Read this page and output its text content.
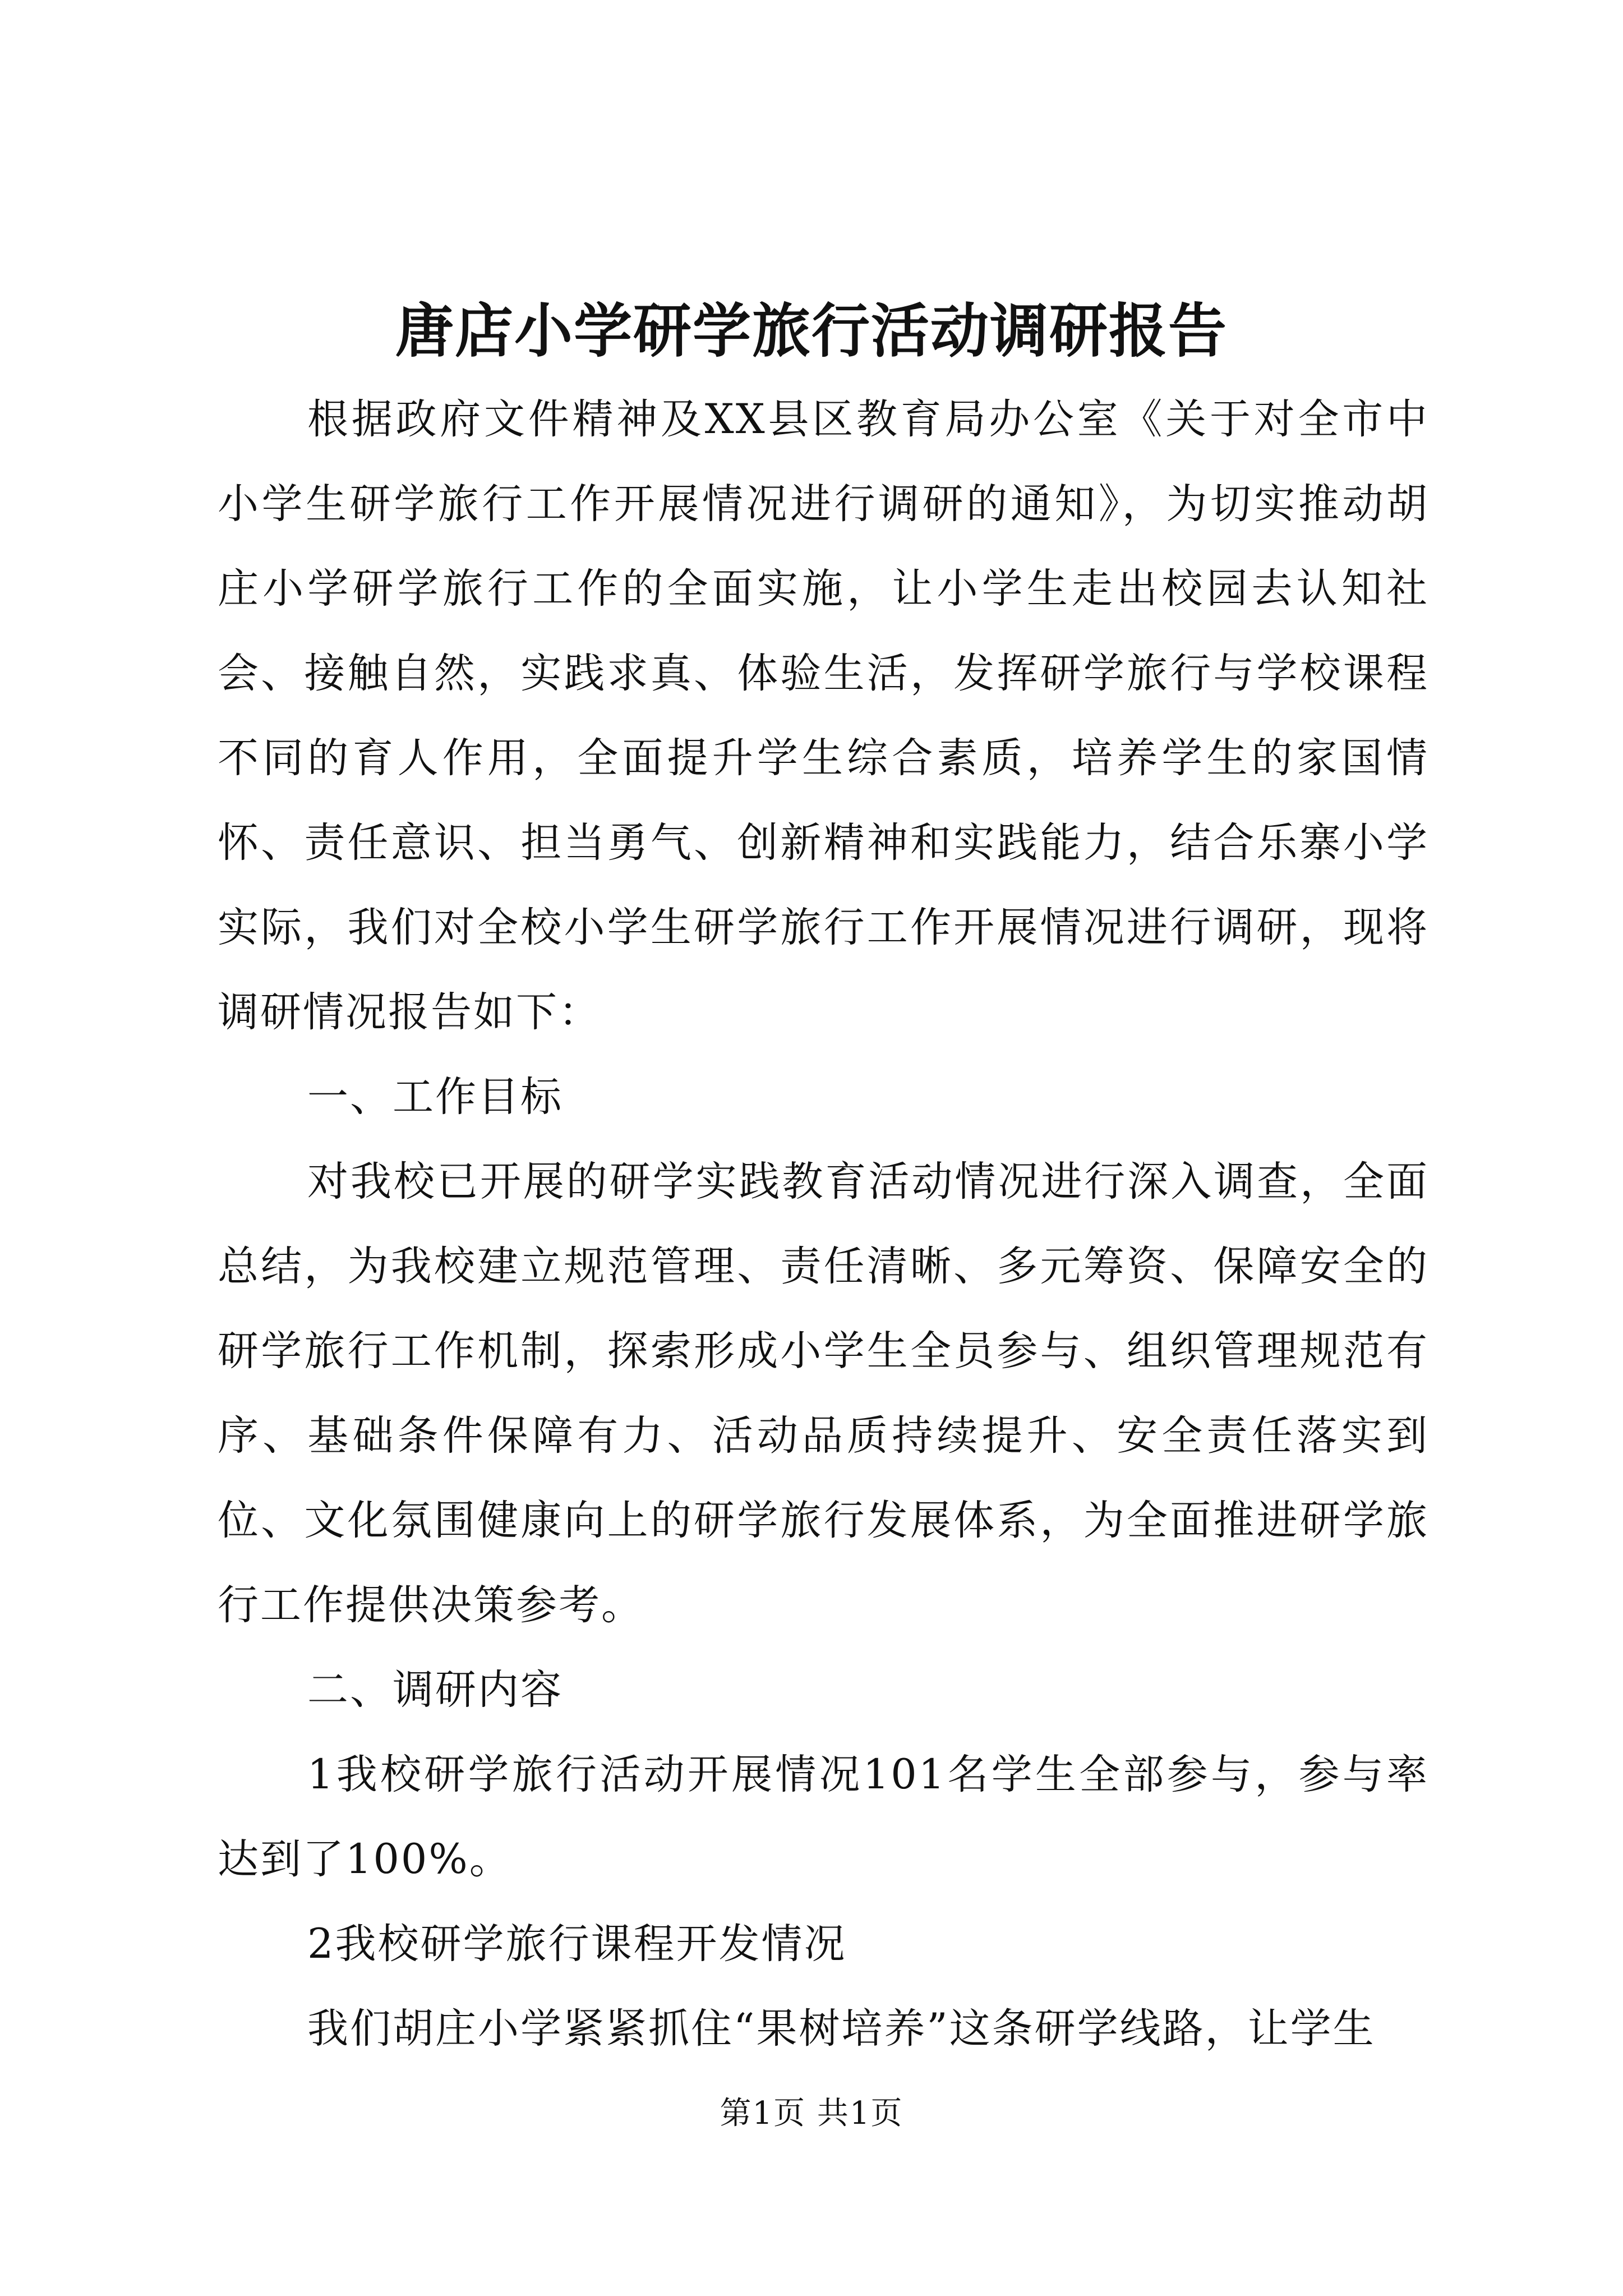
唐店小学研学旅行活动调研报告

根据政府文件精神及XX县区教育局办公室《关于对全市中小学生研学旅行工作开展情况进行调研的通知》，为切实推动胡庄小学研学旅行工作的全面实施，让小学生走出校园去认知社会、接触自然，实践求真、体验生活，发挥研学旅行与学校课程不同的育人作用，全面提升学生综合素质，培养学生的家国情怀、责任意识、担当勇气、创新精神和实践能力，结合乐寨小学实际，我们对全校小学生研学旅行工作开展情况进行调研，现将调研情况报告如下：

一、工作目标

对我校已开展的研学实践教育活动情况进行深入调查，全面总结，为我校建立规范管理、责任清晰、多元筹资、保障安全的研学旅行工作机制，探索形成小学生全员参与、组织管理规范有序、基础条件保障有力、活动品质持续提升、安全责任落实到位、文化氛围健康向上的研学旅行发展体系，为全面推进研学旅行工作提供决策参考。

二、调研内容

1我校研学旅行活动开展情况101名学生全部参与，参与率达到了100%。

2我校研学旅行课程开发情况

我们胡庄小学紧紧抓住“果树培养”这条研学线路，让学生

第1页 共1页
